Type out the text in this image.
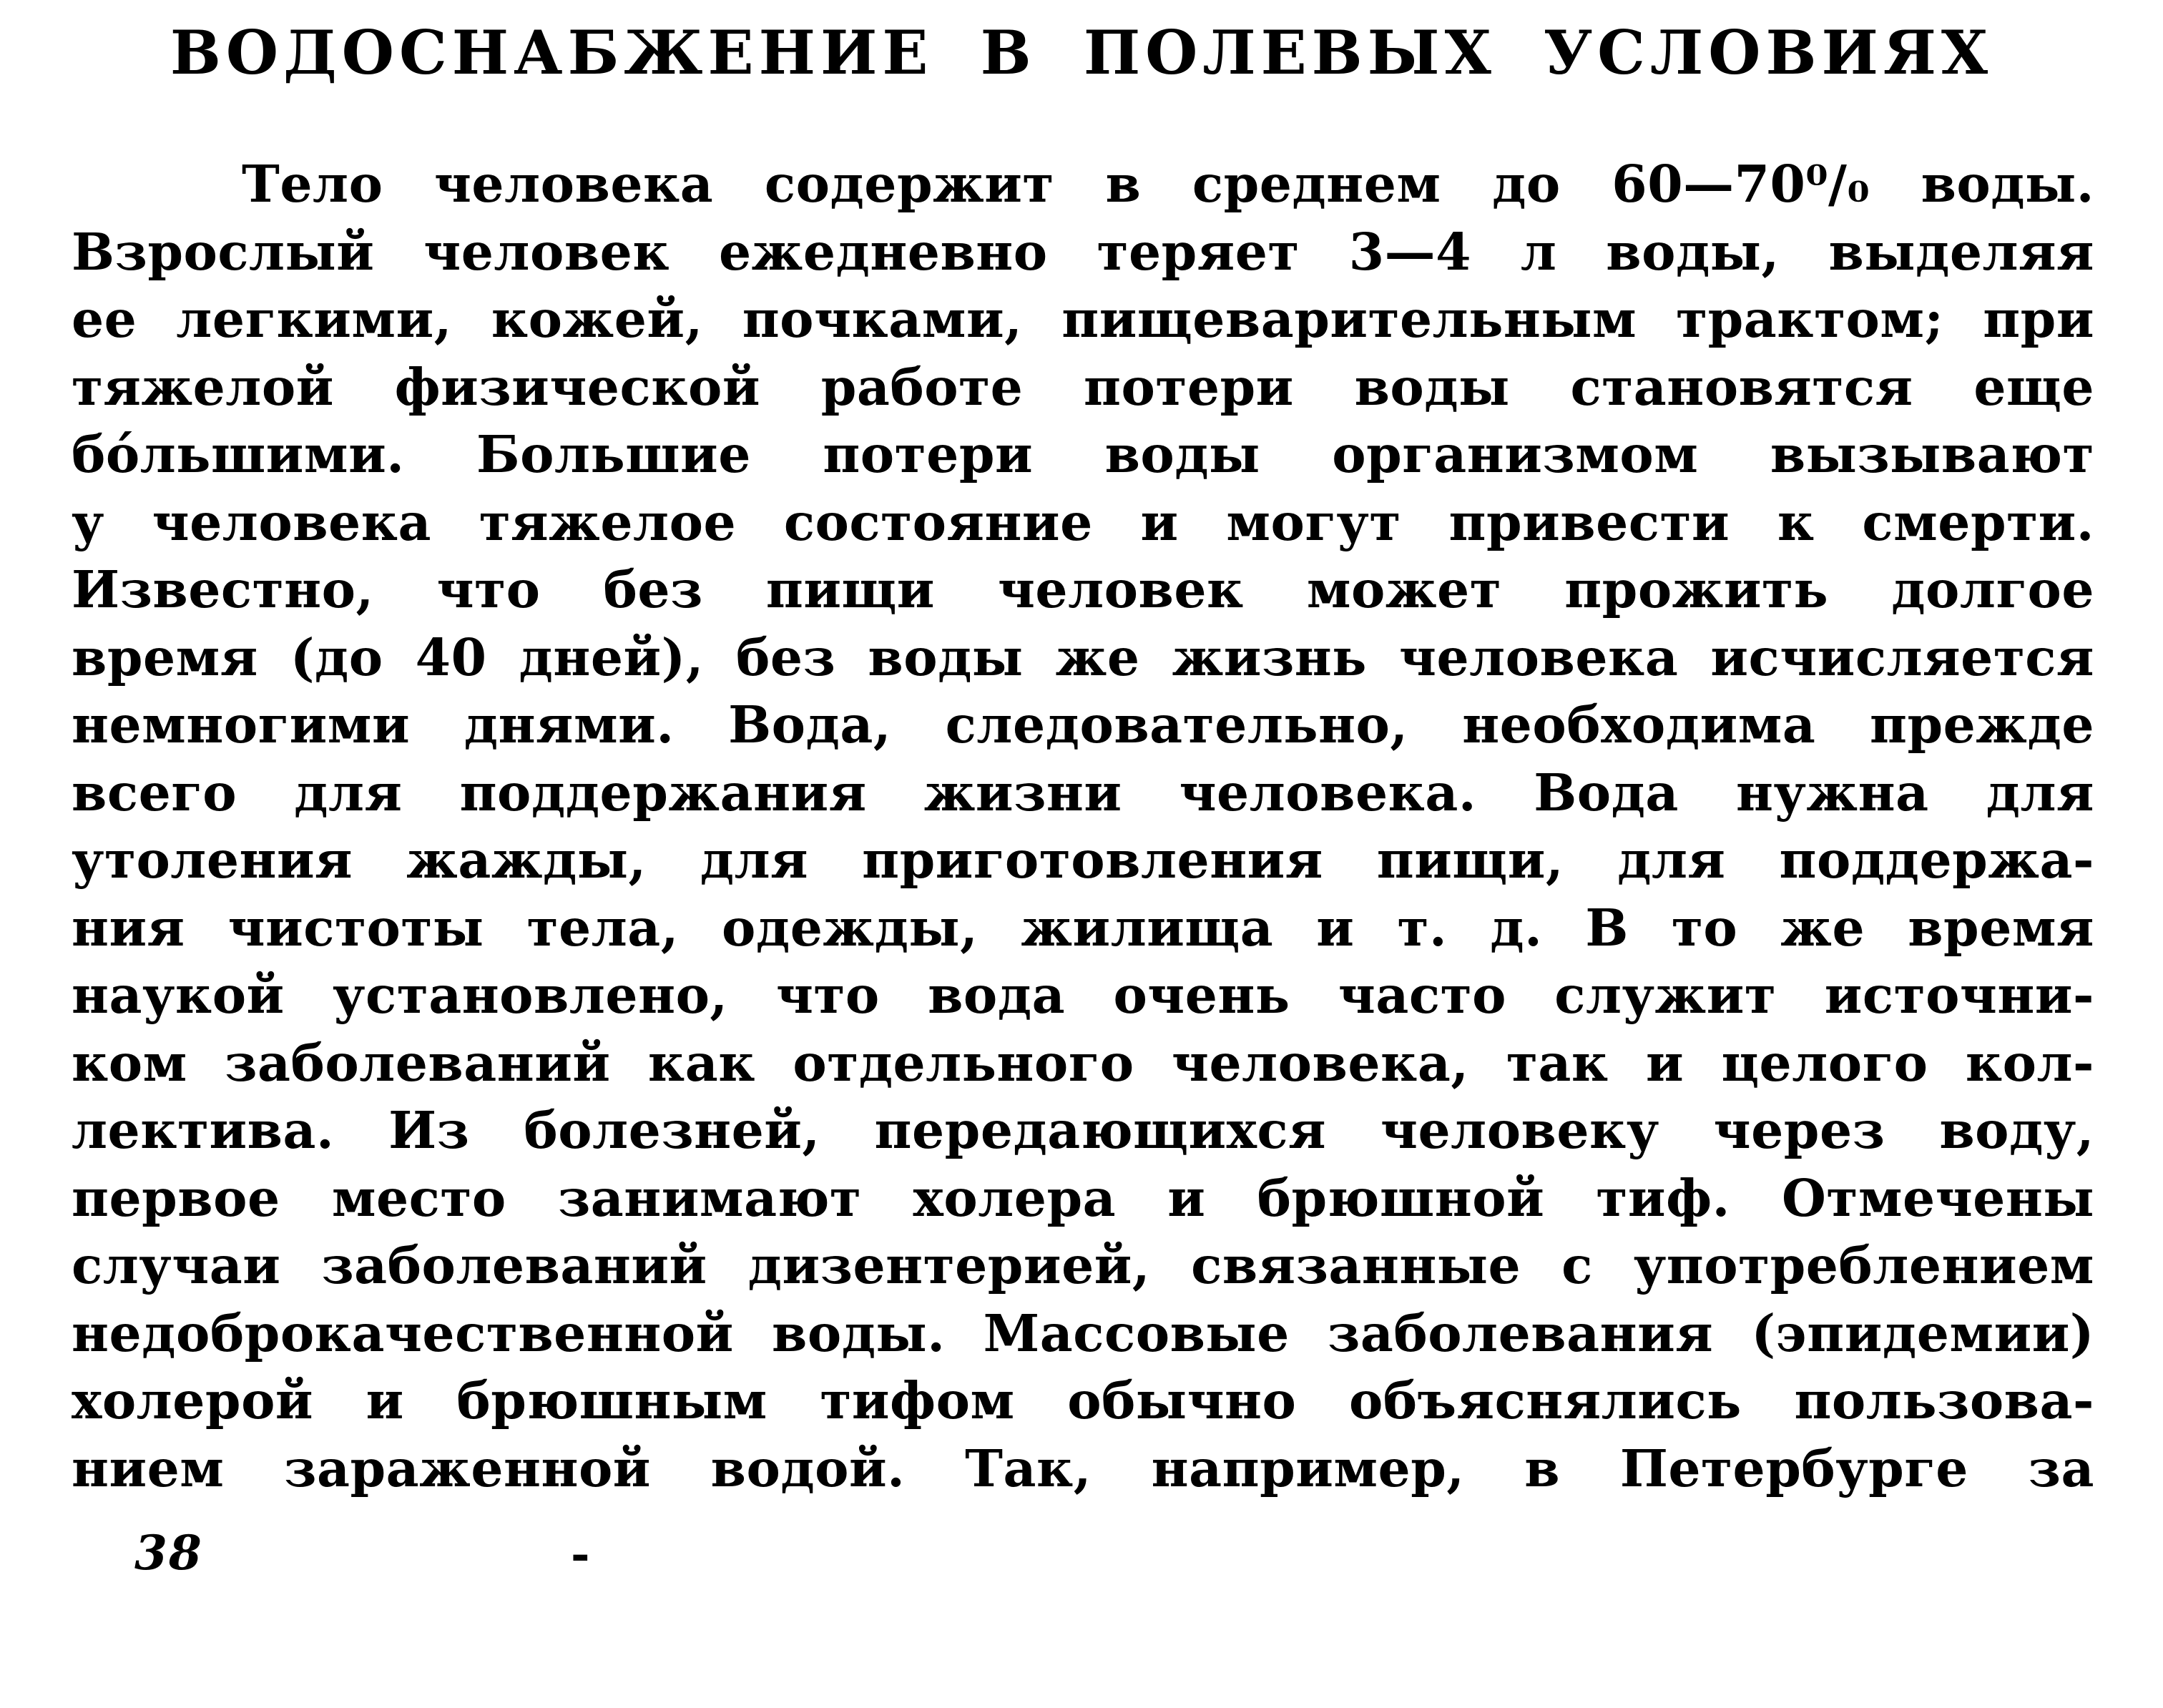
ВОДОСНАБЖЕНИЕ В ПОЛЕВЫХ УСЛОВИЯХ
Тело человека содержит в среднем до 60—70⁰/₀ воды.
Взрослый человек ежедневно теряет 3—4 л воды, выделяя
ее легкими, кожей, почками, пищеварительным трактом; при
тяжелой физической работе потери воды становятся еще
бо́льшими. Большие потери воды организмом вызывают
у человека тяжелое состояние и могут привести к смерти.
Известно, что без пищи человек может прожить долгое
время (до 40 дней), без воды же жизнь человека исчисляется
немногими днями. Вода, следовательно, необходима прежде
всего для поддержания жизни человека. Вода нужна для
утоления жажды, для приготовления пищи, для поддержа-
ния чистоты тела, одежды, жилища и т. д. В то же время
наукой установлено, что вода очень часто служит источни-
ком заболеваний как отдельного человека, так и целого кол-
лектива. Из болезней, передающихся человеку через воду,
первое место занимают холера и брюшной тиф. Отмечены
случаи заболеваний дизентерией, связанные с употреблением
недоброкачественной воды. Массовые заболевания (эпидемии)
холерой и брюшным тифом обычно объяснялись пользова-
нием зараженной водой. Так, например, в Петербурге за
38	-
